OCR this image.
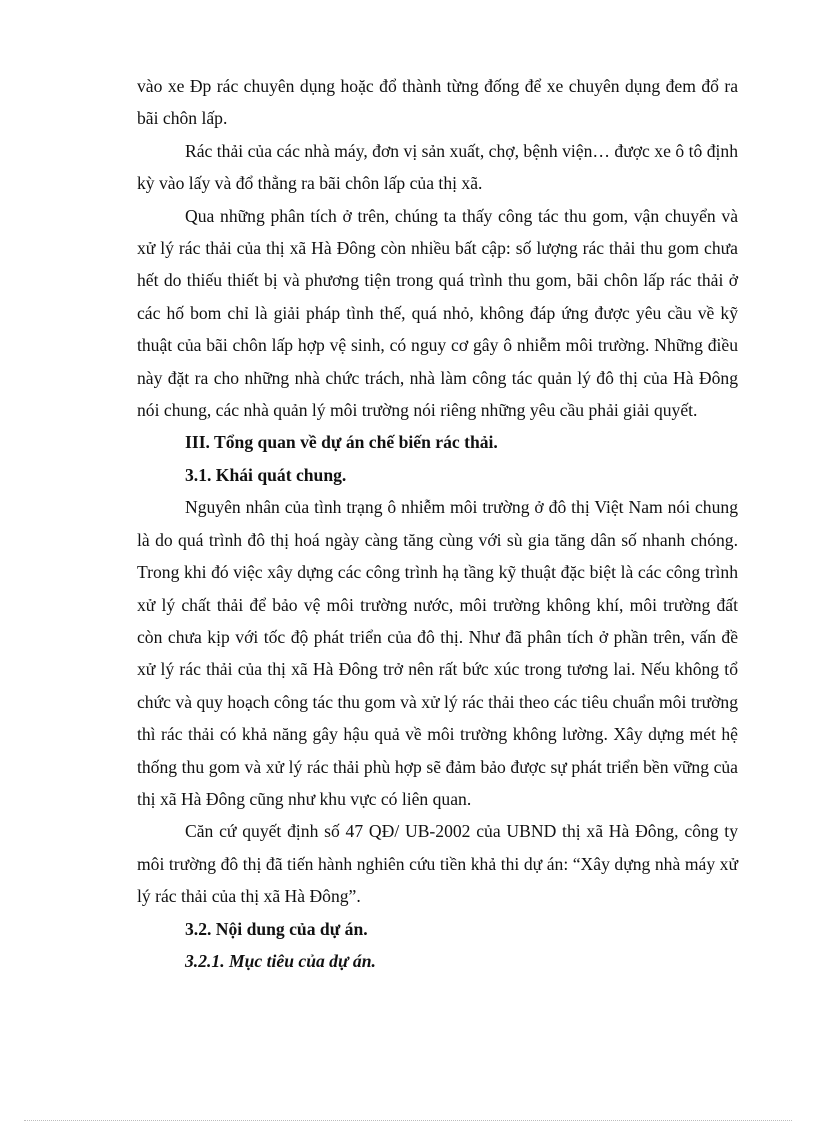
vào xe Đp rác chuyên dụng hoặc đổ thành từng đống để xe chuyên dụng đem đổ ra bãi chôn lấp.

Rác thải của các nhà máy, đơn vị sản xuất, chợ, bệnh viện… được xe ô tô định kỳ vào lấy và đổ thẳng ra bãi chôn lấp của thị xã.

Qua những phân tích ở trên, chúng ta thấy công tác thu gom, vận chuyển và xử lý rác thải của thị xã Hà Đông còn nhiều bất cập: số lượng rác thải thu gom chưa hết do thiếu thiết bị và phương tiện trong quá trình thu gom, bãi chôn lấp rác thải ở các hố bom chỉ là giải pháp tình thế, quá nhỏ, không đáp ứng được yêu cầu về kỹ thuật của bãi chôn lấp hợp vệ sinh, có nguy cơ gây ô nhiễm môi trường. Những điều này đặt ra cho những nhà chức trách, nhà làm công tác quản lý đô thị của Hà Đông nói chung, các nhà quản lý môi trường nói riêng những yêu cầu phải giải quyết.

III. Tổng quan về dự án chế biến rác thải.

3.1. Khái quát chung.

Nguyên nhân của tình trạng ô nhiễm môi trường ở đô thị Việt Nam nói chung là do quá trình đô thị hoá ngày càng tăng cùng với sù gia tăng dân số nhanh chóng. Trong khi đó việc xây dựng các công trình hạ tầng kỹ thuật đặc biệt là các công trình xử lý chất thải để bảo vệ môi trường nước, môi trường không khí, môi trường đất còn chưa kịp với tốc độ phát triển của đô thị. Như đã phân tích ở phần trên, vấn đề xử lý rác thải của thị xã Hà Đông trở nên rất bức xúc trong tương lai. Nếu không tổ chức và quy hoạch công tác thu gom và xử lý rác thải theo các tiêu chuẩn môi trường thì rác thải có khả năng gây hậu quả về môi trường không lường. Xây dựng mét hệ thống thu gom và xử lý rác thải phù hợp sẽ đảm bảo được sự phát triển bền vững của thị xã Hà Đông cũng như khu vực có liên quan.

Căn cứ quyết định số 47 QĐ/ UB-2002 của UBND thị xã Hà Đông, công ty môi trường đô thị đã tiến hành nghiên cứu tiền khả thi dự án: “Xây dựng nhà máy xử lý rác thải của thị xã Hà Đông”.

3.2. Nội dung của dự án.

3.2.1. Mục tiêu của dự án.
